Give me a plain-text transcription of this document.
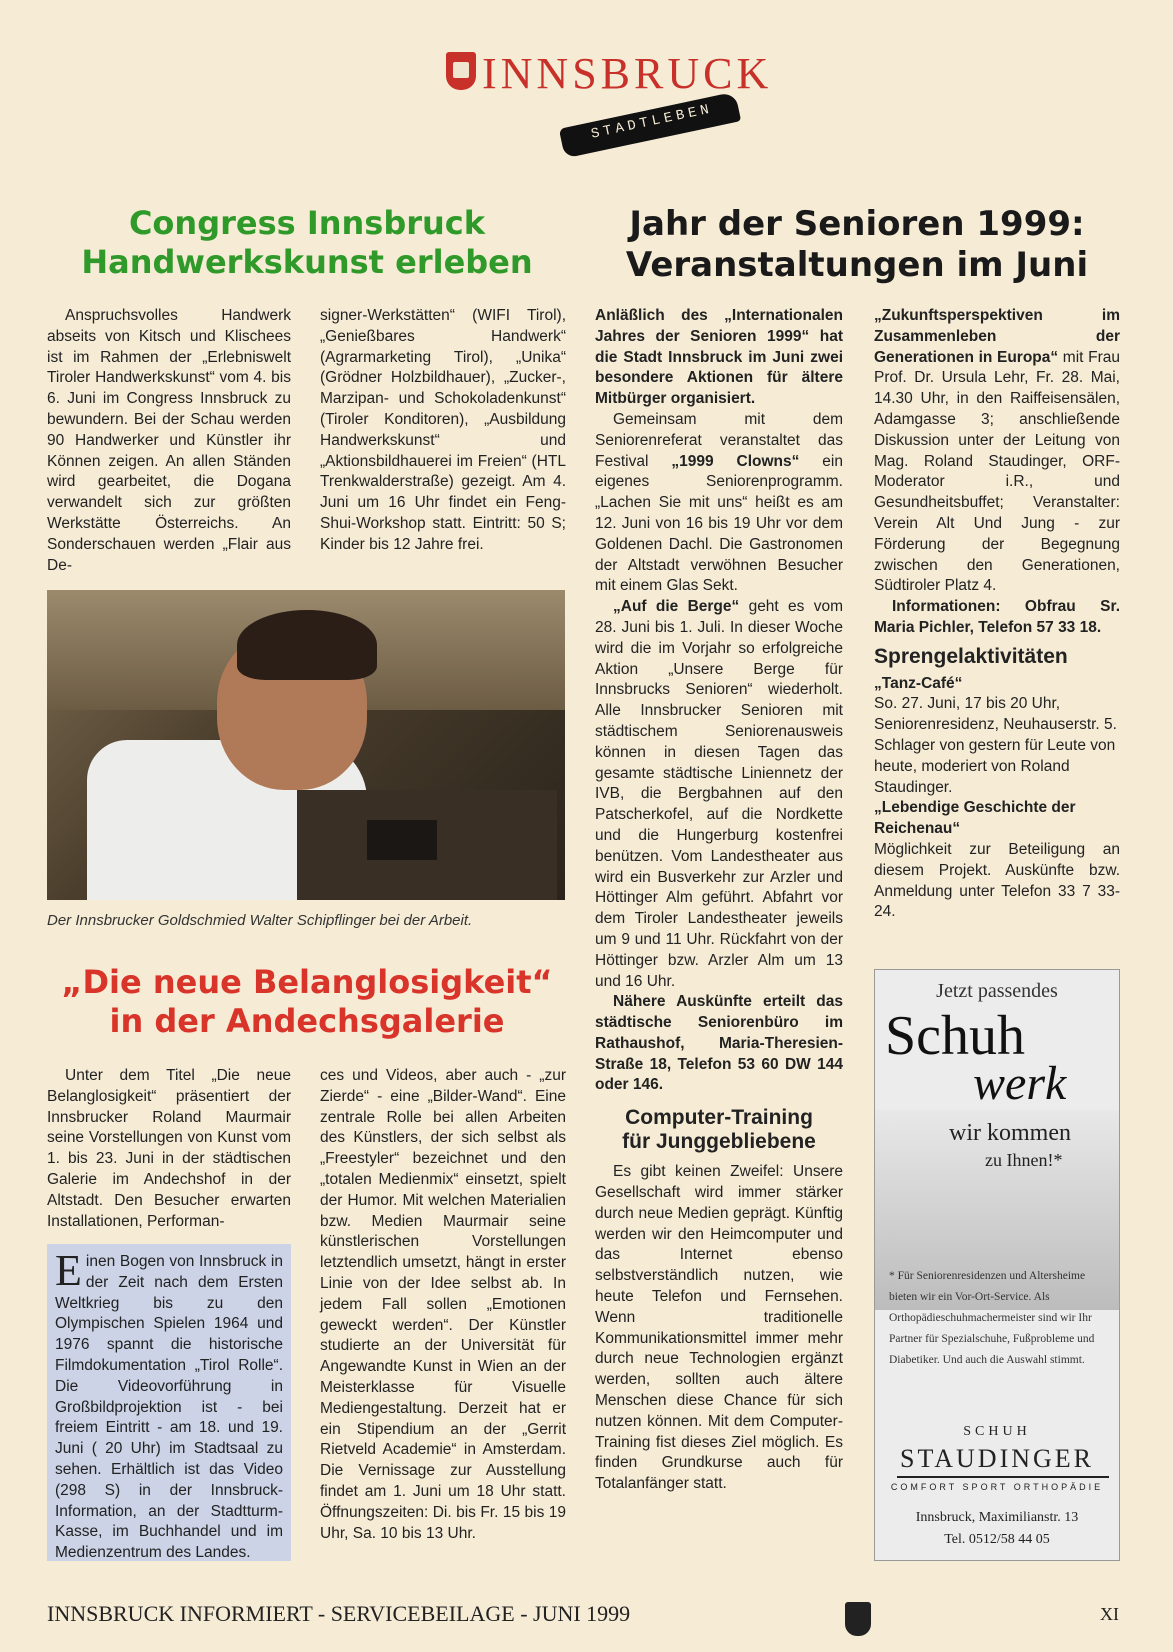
INNSBRUCK
STADTLEBEN
Congress Innsbruck
Handwerkskunst erleben

Anspruchsvolles Handwerk abseits von Kitsch und Klischees ist im Rahmen der „Erlebniswelt Tiroler Handwerkskunst“ vom 4. bis 6. Juni im Congress Innsbruck zu bewundern. Bei der Schau werden 90 Handwerker und Künstler ihr Können zeigen. An allen Ständen wird gearbeitet, die Dogana verwandelt sich zur größten Werkstätte Österreichs. An Sonderschauen werden „Flair aus De-

signer-Werkstätten“ (WIFI Tirol), „Genießbares Handwerk“ (Agrarmarketing Tirol), „Unika“ (Grödner Holzbildhauer), „Zucker-, Marzipan- und Schokoladenkunst“ (Tiroler Konditoren), „Ausbildung Handwerkskunst“ und „Aktionsbildhauerei im Freien“ (HTL Trenkwalderstraße) gezeigt. Am 4. Juni um 16 Uhr findet ein Feng-Shui-Workshop statt. Eintritt: 50 S; Kinder bis 12 Jahre frei.

Der Innsbrucker Goldschmied Walter Schipflinger bei der Arbeit.
„Die neue Belanglosigkeit“
in der Andechsgalerie

Unter dem Titel „Die neue Belanglosigkeit“ präsentiert der Innsbrucker Roland Maurmair seine Vorstellungen von Kunst vom 1. bis 23. Juni in der städtischen Galerie im Andechshof in der Altstadt. Den Besucher erwarten Installationen, Performan-

ces und Videos, aber auch - „zur Zierde“ - eine „Bilder-Wand“. Eine zentrale Rolle bei allen Arbeiten des Künstlers, der sich selbst als „Freestyler“ bezeichnet und den „totalen Medienmix“ einsetzt, spielt der Humor. Mit welchen Materialien bzw. Medien Maurmair seine künstlerischen Vorstellungen letztendlich umsetzt, hängt in erster Linie von der Idee selbst ab. In jedem Fall sollen „Emotionen geweckt werden“. Der Künstler studierte an der Universität für Angewandte Kunst in Wien an der Meisterklasse für Visuelle Mediengestaltung. Derzeit hat er ein Stipendium an der „Gerrit Rietveld Academie“ in Amsterdam. Die Vernissage zur Ausstellung findet am 1. Juni um 18 Uhr statt. Öffnungszeiten: Di. bis Fr. 15 bis 19 Uhr, Sa. 10 bis 13 Uhr.

Einen Bogen von Innsbruck in der Zeit nach dem Ersten Weltkrieg bis zu den Olympischen Spielen 1964 und 1976 spannt die historische Filmdokumentation „Tirol Rolle“. Die Videovorführung in Großbildprojektion ist - bei freiem Eintritt - am 18. und 19. Juni ( 20 Uhr) im Stadtsaal zu sehen. Erhältlich ist das Video (298 S) in der Innsbruck-Information, an der Stadtturm-Kasse, im Buchhandel und im Medienzentrum des Landes.
Jahr der Senioren 1999:
Veranstaltungen im Juni

Anläßlich des „Internationalen Jahres der Senioren 1999“ hat die Stadt Innsbruck im Juni zwei besondere Aktionen für ältere Mitbürger organisiert.

Gemeinsam mit dem Seniorenreferat veranstaltet das Festival „1999 Clowns“ ein eigenes Seniorenprogramm. „Lachen Sie mit uns“ heißt es am 12. Juni von 16 bis 19 Uhr vor dem Goldenen Dachl. Die Gastronomen der Altstadt verwöhnen Besucher mit einem Glas Sekt.

„Auf die Berge“ geht es vom 28. Juni bis 1. Juli. In dieser Woche wird die im Vorjahr so erfolgreiche Aktion „Unsere Berge für Innsbrucks Senioren“ wiederholt. Alle Innsbrucker Senioren mit städtischem Seniorenausweis können in diesen Tagen das gesamte städtische Liniennetz der IVB, die Bergbahnen auf den Patscherkofel, auf die Nordkette und die Hungerburg kostenfrei benützen. Vom Landestheater aus wird ein Busverkehr zur Arzler und Höttinger Alm geführt. Abfahrt vor dem Tiroler Landestheater jeweils um 9 und 11 Uhr. Rückfahrt von der Höttinger bzw. Arzler Alm um 13 und 16 Uhr.

Nähere Auskünfte erteilt das städtische Seniorenbüro im Rathaushof, Maria-Theresien-Straße 18, Telefon 53 60 DW 144 oder 146.

Computer-Training
für Junggebliebene

Es gibt keinen Zweifel: Unsere Gesellschaft wird immer stärker durch neue Medien geprägt. Künftig werden wir den Heimcomputer und das Internet ebenso selbstverständlich nutzen, wie heute Telefon und Fernsehen. Wenn traditionelle Kommunikationsmittel immer mehr durch neue Technologien ergänzt werden, sollten auch ältere Menschen diese Chance für sich nutzen können. Mit dem Computer-Training fist dieses Ziel möglich. Es finden Grundkurse auch für Totalanfänger statt.

„Zukunftsperspektiven im Zusammenleben der Generationen in Europa“ mit Frau Prof. Dr. Ursula Lehr, Fr. 28. Mai, 14.30 Uhr, in den Raiffeisensälen, Adamgasse 3; anschließende Diskussion unter der Leitung von Mag. Roland Staudinger, ORF-Moderator i.R., und Gesundheitsbuffet; Veranstalter: Verein Alt Und Jung - zur Förderung der Begegnung zwischen den Generationen, Südtiroler Platz 4.

Informationen: Obfrau Sr. Maria Pichler, Telefon 57 33 18.

Sprengelaktivitäten

„Tanz-Café“

So. 27. Juni, 17 bis 20 Uhr, Seniorenresidenz, Neuhauserstr. 5. Schlager von gestern für Leute von heute, moderiert von Roland Staudinger.

„Lebendige Geschichte der Reichenau“

Möglichkeit zur Beteiligung an diesem Projekt. Auskünfte bzw. Anmeldung unter Telefon 33 7 33-24.

Jetzt passendes
Schuh
werk
wir kommen
zu Ihnen!*
* Für Seniorenresidenzen und Altersheime bieten wir ein Vor-Ort-Service. Als Orthopädieschuhmachermeister sind wir Ihr Partner für Spezialschuhe, Fußprobleme und Diabetiker. Und auch die Auswahl stimmt.
SCHUH
STAUDINGER
COMFORT SPORT ORTHOPÄDIE
Innsbruck, Maximilianstr. 13
Tel. 0512/58 44 05
INNSBRUCK INFORMIERT - SERVICEBEILAGE - JUNI 1999	XI
